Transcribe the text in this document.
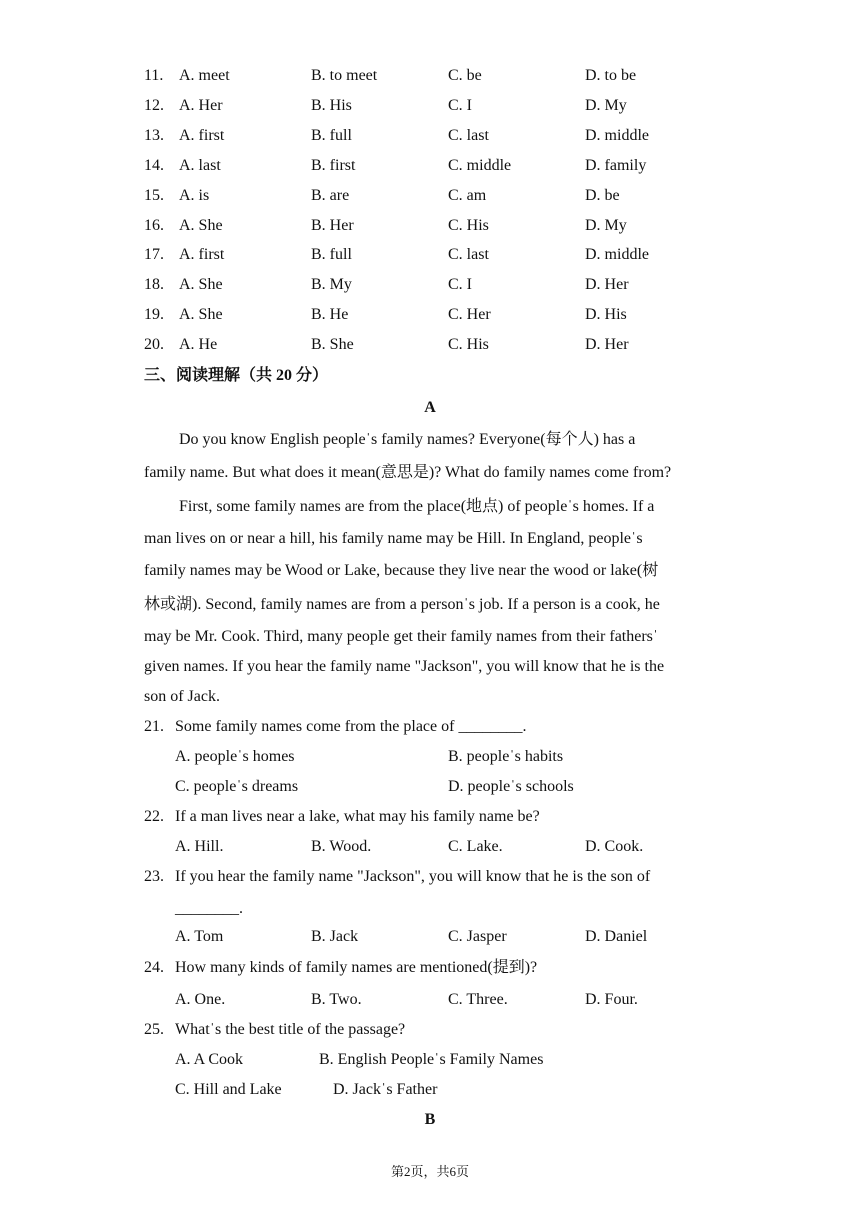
11. A. meet	B. to meet	C. be	D. to be
12. A. Her	B. His	C. I	D. My
13. A. first	B. full	C. last	D. middle
14. A. last	B. first	C. middle	D. family
15. A. is	B. are	C. am	D. be
16. A. She	B. Her	C. His	D. My
17. A. first	B. full	C. last	D. middle
18. A. She	B. My	C. I	D. Her
19. A. She	B. He	C. Her	D. His
20. A. He	B. She	C. His	D. Her
三、阅读理解（共 20 分）
A
Do you know English peopleˈs family names? Everyone(每个人) has a
family name. But what does it mean(意思是)? What do family names come from?
First, some family names are from the place(地点) of peopleˈs homes. If a
man lives on or near a hill, his family name may be Hill. In England, peopleˈs
family names may be Wood or Lake, because they live near the wood or lake(树
林或湖). Second, family names are from a personˈs job. If a person is a cook, he
may be Mr. Cook. Third, many people get their family names from their fathersˈ
given names. If you hear the family name "Jackson", you will know that he is the
son of Jack.
21. Some family names come from the place of ________.
A. peopleˈs homes	B. peopleˈs habits
C. peopleˈs dreams	D. peopleˈs schools
22. If a man lives near a lake, what may his family name be?
A. Hill.	B. Wood.	C. Lake.	D. Cook.
23. If you hear the family name "Jackson", you will know that he is the son of
________.
A. Tom	B. Jack	C. Jasper	D. Daniel
24. How many kinds of family names are mentioned(提到)?
A. One.	B. Two.	C. Three.	D. Four.
25. Whatˈs the best title of the passage?
A. A Cook	B. English Peopleˈs Family Names
C. Hill and Lake	D. Jackˈs Father
B
第2页，共6页
